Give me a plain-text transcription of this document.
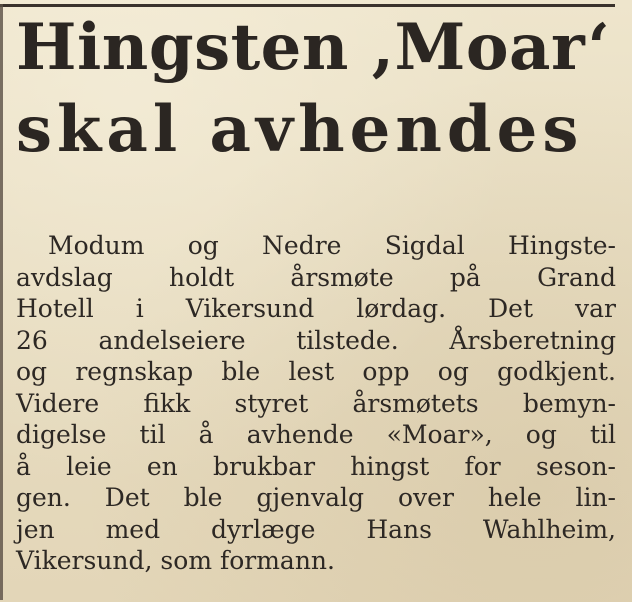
Hingsten ,Moar‘
skal avhendes
Modum og Nedre Sigdal Hingste-
avdslag holdt årsmøte på Grand
Hotell i Vikersund lørdag. Det var
26 andelseiere tilstede. Årsberetning
og regnskap ble lest opp og godkjent.
Videre fikk styret årsmøtets bemyn-
digelse til å avhende «Moar», og til
å leie en brukbar hingst for seson-
gen. Det ble gjenvalg over hele lin-
jen med dyrlæge Hans Wahlheim,
Vikersund, som formann.
